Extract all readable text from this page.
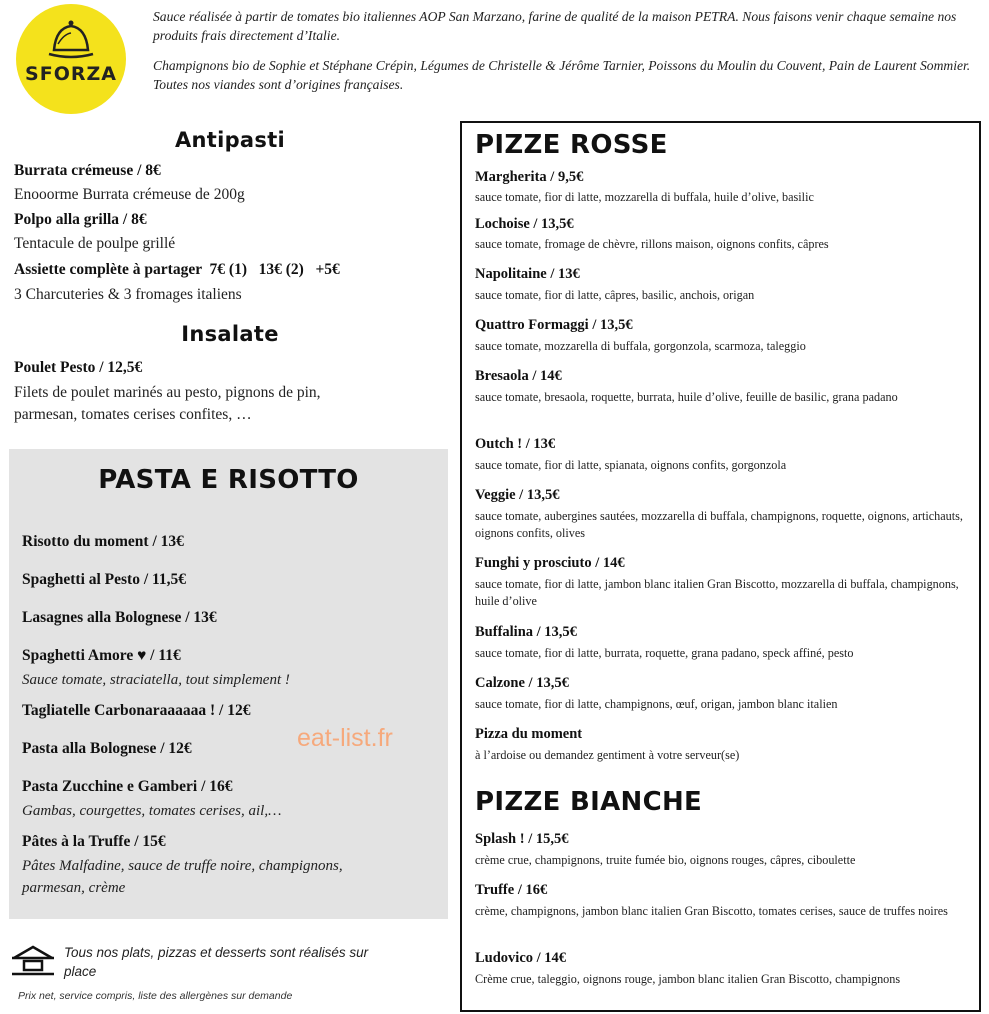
SFORZA

Sauce réalisée à partir de tomates bio italiennes AOP San Marzano, farine de qualité de la maison PETRA. Nous faisons venir chaque semaine nos produits frais directement d’Italie.

Champignons bio de Sophie et Stéphane Crépin, Légumes de Christelle & Jérôme Tarnier, Poissons du Moulin du Couvent, Pain de Laurent Sommier. Toutes nos viandes sont d’origines françaises.

Antipasti
Burrata crémeuse / 8€
Enooorme Burrata crémeuse de 200g
Polpo alla grilla / 8€
Tentacule de poulpe grillé
Assiette complète à partager  7€ (1)   13€ (2)   +5€
3 Charcuteries & 3 fromages italiens
Insalate
Poulet Pesto / 12,5€
Filets de poulet marinés au pesto, pignons de pin,
parmesan, tomates cerises confites, …
PASTA E RISOTTO
Risotto du moment / 13€
Spaghetti al Pesto / 11,5€
Lasagnes alla Bolognese / 13€
Spaghetti Amore ♥ / 11€
Sauce tomate, straciatella, tout simplement !
Tagliatelle Carbonaraaaaaa ! / 12€
Pasta alla Bolognese / 12€
Pasta Zucchine e Gamberi / 16€
Gambas, courgettes, tomates cerises, ail,…
Pâtes à la Truffe / 15€
Pâtes Malfadine, sauce de truffe noire, champignons,
parmesan, crème
eat-list.fr
Tous nos plats, pizzas et desserts sont réalisés sur place
Prix net, service compris, liste des allergènes sur demande
PIZZE ROSSE
Margherita / 9,5€
sauce tomate, fior di latte, mozzarella di buffala, huile d’olive, basilic
Lochoise / 13,5€
sauce tomate, fromage de chèvre, rillons maison, oignons confits, câpres
Napolitaine / 13€
sauce tomate, fior di latte, câpres, basilic, anchois, origan
Quattro Formaggi / 13,5€
sauce tomate, mozzarella di buffala, gorgonzola, scarmoza, taleggio
Bresaola / 14€
sauce tomate, bresaola, roquette, burrata, huile d’olive, feuille de basilic, grana padano
Outch ! / 13€
sauce tomate, fior di latte, spianata, oignons confits, gorgonzola
Veggie / 13,5€
sauce tomate, aubergines sautées, mozzarella di buffala, champignons, roquette, oignons, artichauts, oignons confits, olives
Funghi y prosciuto / 14€
sauce tomate, fior di latte, jambon blanc italien Gran Biscotto, mozzarella di buffala, champignons, huile d’olive
Buffalina / 13,5€
sauce tomate, fior di latte, burrata, roquette, grana padano, speck affiné, pesto
Calzone / 13,5€
sauce tomate, fior di latte, champignons, œuf, origan, jambon blanc italien
Pizza du moment
à l’ardoise ou demandez gentiment à votre serveur(se)
PIZZE BIANCHE
Splash ! / 15,5€
crème crue, champignons, truite fumée bio, oignons rouges, câpres, ciboulette
Truffe / 16€
crème, champignons, jambon blanc italien Gran Biscotto, tomates cerises, sauce de truffes noires
Ludovico / 14€
Crème crue, taleggio, oignons rouge, jambon blanc italien Gran Biscotto, champignons
